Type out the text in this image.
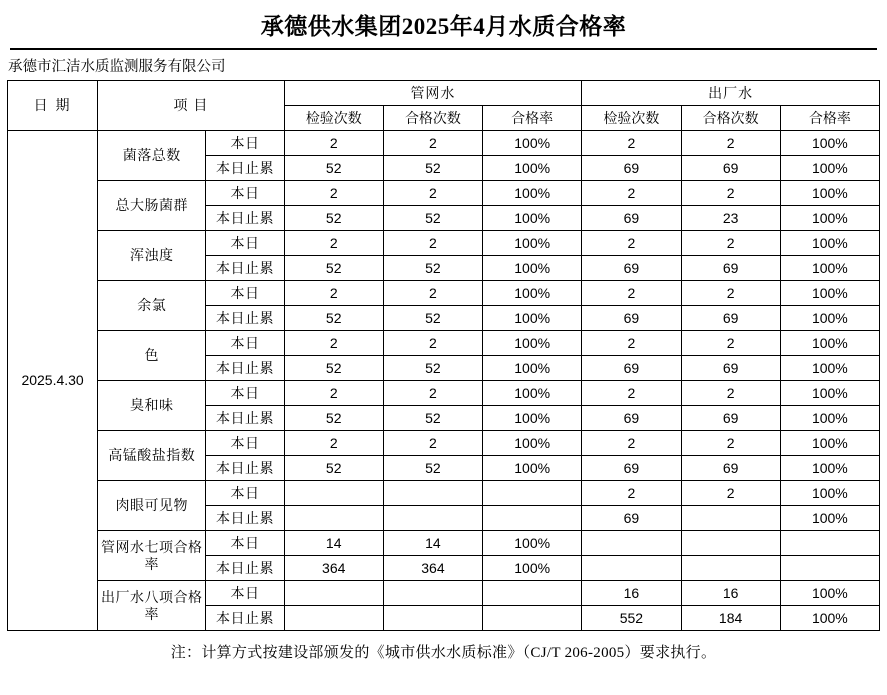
承德供水集团2025年4月水质合格率
承德市汇洁水质监测服务有限公司
日 期	项 目		管网水			出厂水		
			检验次数	合格次数	合格率	检验次数	合格次数	合格率
2025.4.30	菌落总数	本日	2	2	100%	2	2	100%
		本日止累	52	52	100%	69	69	100%
	总大肠菌群	本日	2	2	100%	2	2	100%
		本日止累	52	52	100%	69	23	100%
	浑浊度	本日	2	2	100%	2	2	100%
		本日止累	52	52	100%	69	69	100%
	余氯	本日	2	2	100%	2	2	100%
		本日止累	52	52	100%	69	69	100%
	色	本日	2	2	100%	2	2	100%
		本日止累	52	52	100%	69	69	100%
	臭和味	本日	2	2	100%	2	2	100%
		本日止累	52	52	100%	69	69	100%
	高锰酸盐指数	本日	2	2	100%	2	2	100%
		本日止累	52	52	100%	69	69	100%
	肉眼可见物	本日				2	2	100%
		本日止累				69		100%
	管网水七项合格率	本日	14	14	100%			
		本日止累	364	364	100%			
	出厂水八项合格率	本日				16	16	100%
		本日止累				552	184	100%
注：计算方式按建设部颁发的《城市供水水质标准》（CJ/T 206-2005）要求执行。
